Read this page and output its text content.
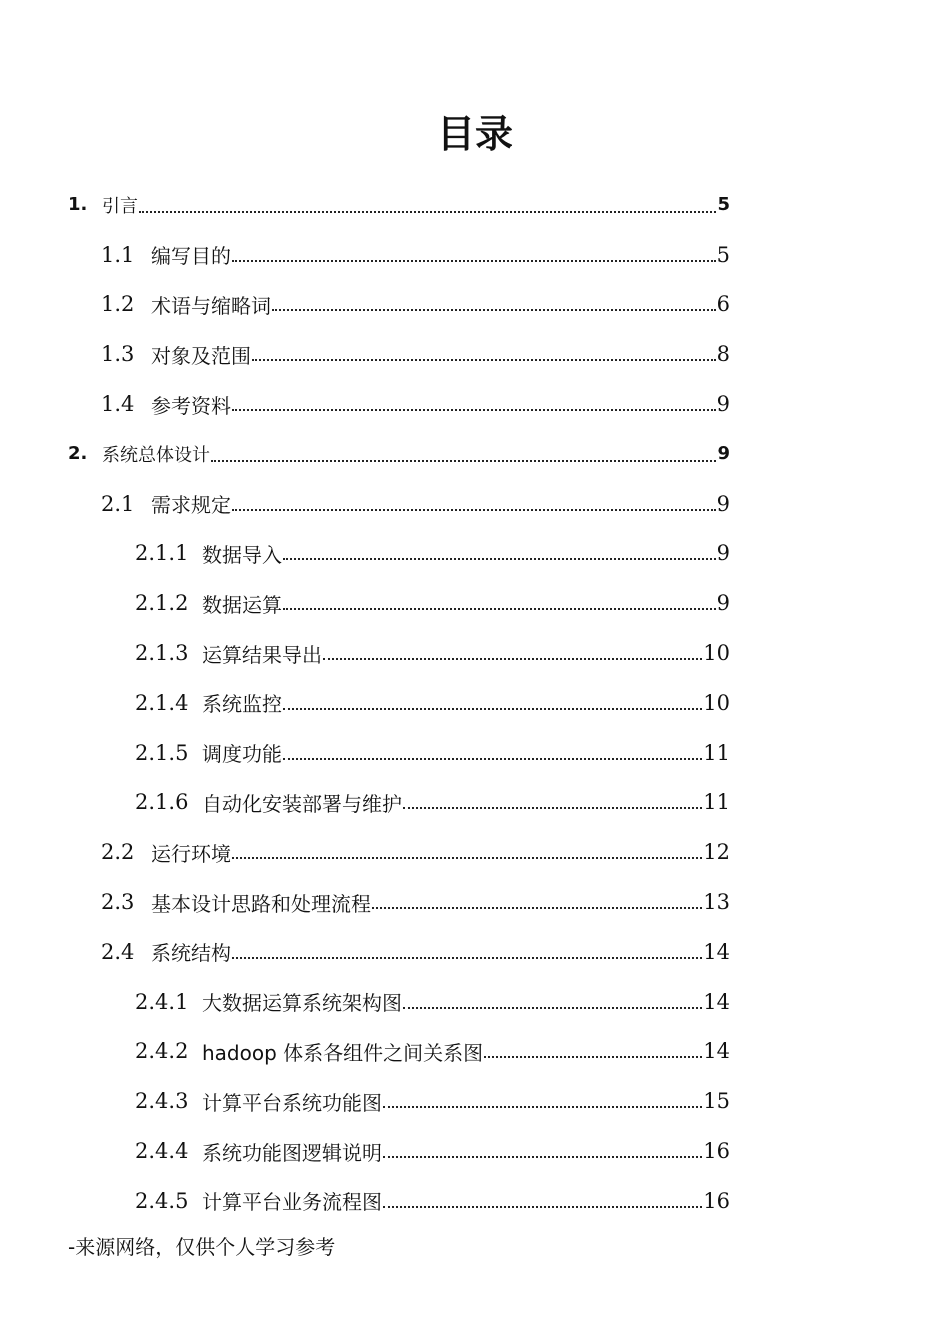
目录
1. 引言	5
1.1 编写目的	5
1.2 术语与缩略词	6
1.3 对象及范围	8
1.4 参考资料	9
2. 系统总体设计	9
2.1 需求规定	9
2.1.1 数据导入	9
2.1.2 数据运算	9
2.1.3 运算结果导出	10
2.1.4 系统监控	10
2.1.5 调度功能	11
2.1.6 自动化安装部署与维护	11
2.2 运行环境	12
2.3 基本设计思路和处理流程	13
2.4 系统结构	14
2.4.1 大数据运算系统架构图	14
2.4.2 hadoop 体系各组件之间关系图	14
2.4.3 计算平台系统功能图	15
2.4.4 系统功能图逻辑说明	16
2.4.5 计算平台业务流程图	16
-来源网络，仅供个人学习参考
